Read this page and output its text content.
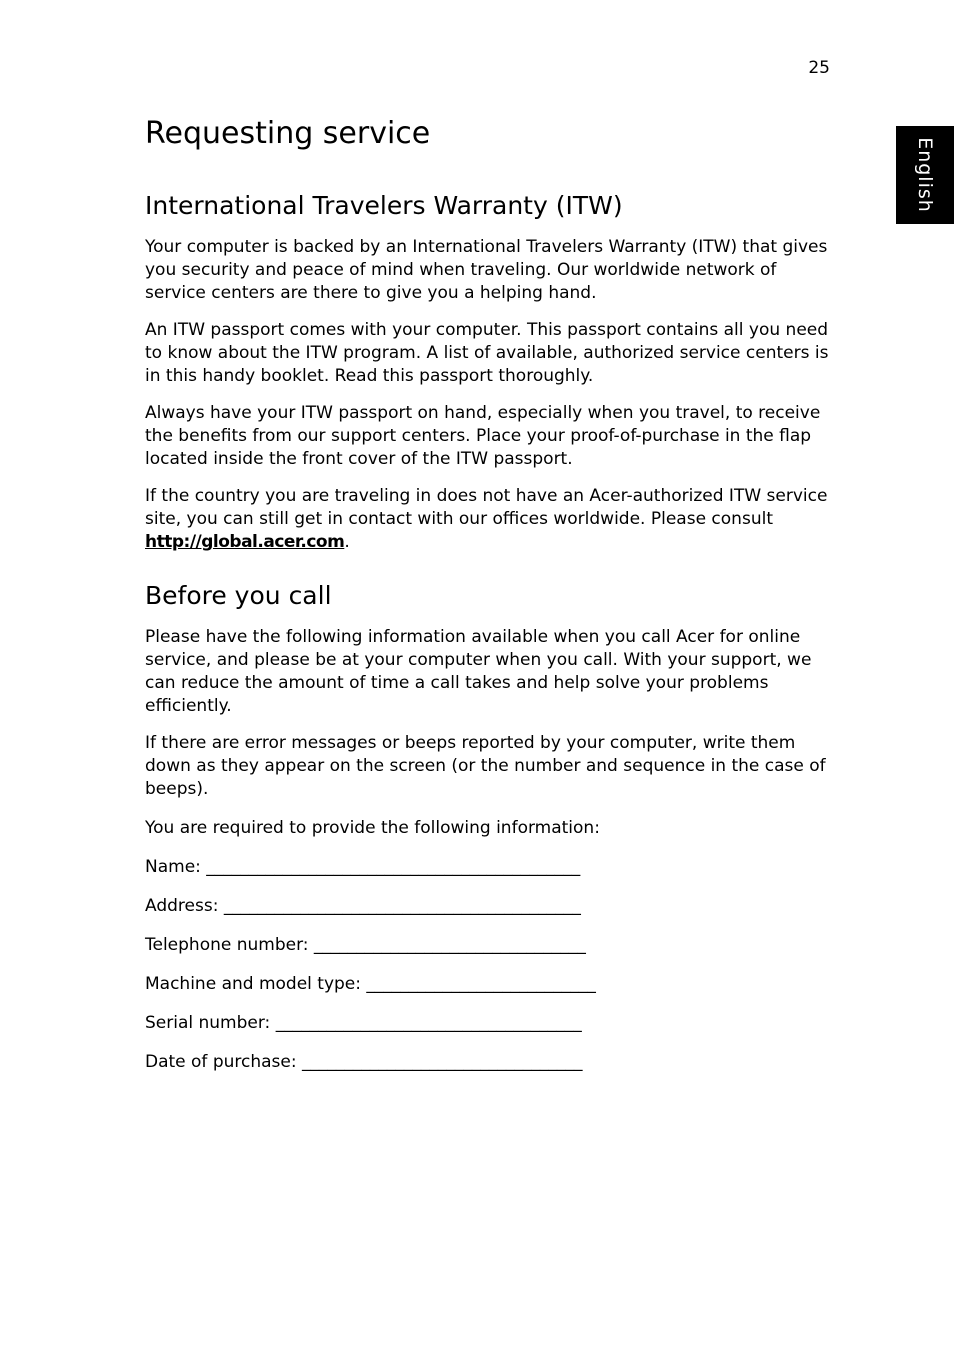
25
English
Requesting service
International Travelers Warranty (ITW)

Your computer is backed by an International Travelers Warranty (ITW) that gives you security and peace of mind when traveling. Our worldwide network of service centers are there to give you a helping hand.

An ITW passport comes with your computer. This passport contains all you need to know about the ITW program. A list of available, authorized service centers is in this handy booklet. Read this passport thoroughly.

Always have your ITW passport on hand, especially when you travel, to receive the benefits from our support centers. Place your proof-of-purchase in the flap located inside the front cover of the ITW passport.

If the country you are traveling in does not have an Acer-authorized ITW service site, you can still get in contact with our offices worldwide. Please consult http://global.acer.com.

Before you call

Please have the following information available when you call Acer for online service, and please be at your computer when you call. With your support, we can reduce the amount of time a call takes and help solve your problems efficiently.

If there are error messages or beeps reported by your computer, write them down as they appear on the screen (or the number and sequence in the case of beeps).

You are required to provide the following information:

Name: ____________________________________________

Address: __________________________________________

Telephone number: ________________________________

Machine and model type: ___________________________

Serial number: ____________________________________

Date of purchase: _________________________________
